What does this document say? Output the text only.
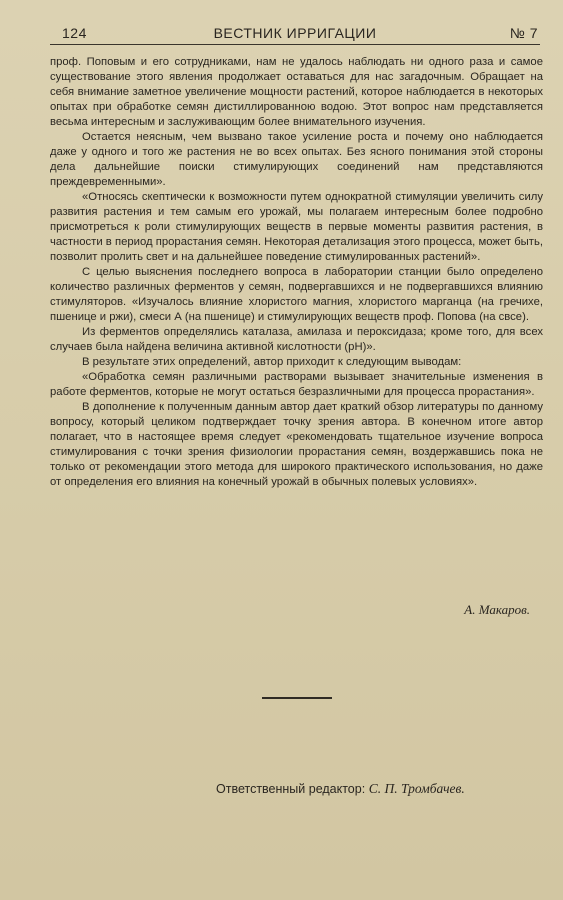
124	ВЕСТНИК ИРРИГАЦИИ	№ 7

проф. Поповым и его сотрудниками, нам не удалось наблюдать ни одного раза и самое существование этого явления продолжает оставаться для нас загадочным. Обращает на себя внимание заметное увеличение мощности растений, которое наблюдается в некоторых опытах при обработке семян дистиллированною водою. Этот вопрос нам представляется весьма интересным и заслуживающим более внимательного изучения.

Остается неясным, чем вызвано такое усиление роста и почему оно наблюдается даже у одного и того же растения не во всех опытах. Без ясного понимания этой стороны дела дальнейшие поиски стимулирующих соединений нам представляются преждевременными».

«Относясь скептически к возможности путем однократной стимуляции увеличить силу развития растения и тем самым его урожай, мы полагаем интересным более подробно присмотреться к роли стимулирующих веществ в первые моменты развития растения, в частности в период прорастания семян. Некоторая детализация этого процесса, может быть, позволит пролить свет и на дальнейшее поведение стимулированных растений».

С целью выяснения последнего вопроса в лаборатории станции было определено количество различных ферментов у семян, подвергавшихся и не подвергавшихся влиянию стимуляторов. «Изучалось влияние хлористого магния, хлористого марганца (на гречихе, пшенице и ржи), смеси А (на пшенице) и стимулирующих веществ проф. Попова (на свсе).

Из ферментов определялись каталаза, амилаза и пероксидаза; кроме того, для всех случаев была найдена величина активной кислотности (pH)».

В результате этих определений, автор приходит к следующим выводам:

«Обработка семян различными растворами вызывает значительные изменения в работе ферментов, которые не могут остаться безразличными для процесса прорастания».

В дополнение к полученным данным автор дает краткий обзор литературы по данному вопросу, который целиком подтверждает точку зрения автора. В конечном итоге автор полагает, что в настоящее время следует «рекомендовать тщательное изучение вопроса стимулирования с точки зрения физиологии прорастания семян, воздержавшись пока не только от рекомендации этого метода для широкого практического использования, но даже от определения его влияния на конечный урожай в обычных полевых условиях».

А. Макаров.
Ответственный редактор: С. П. Тромбачев.
